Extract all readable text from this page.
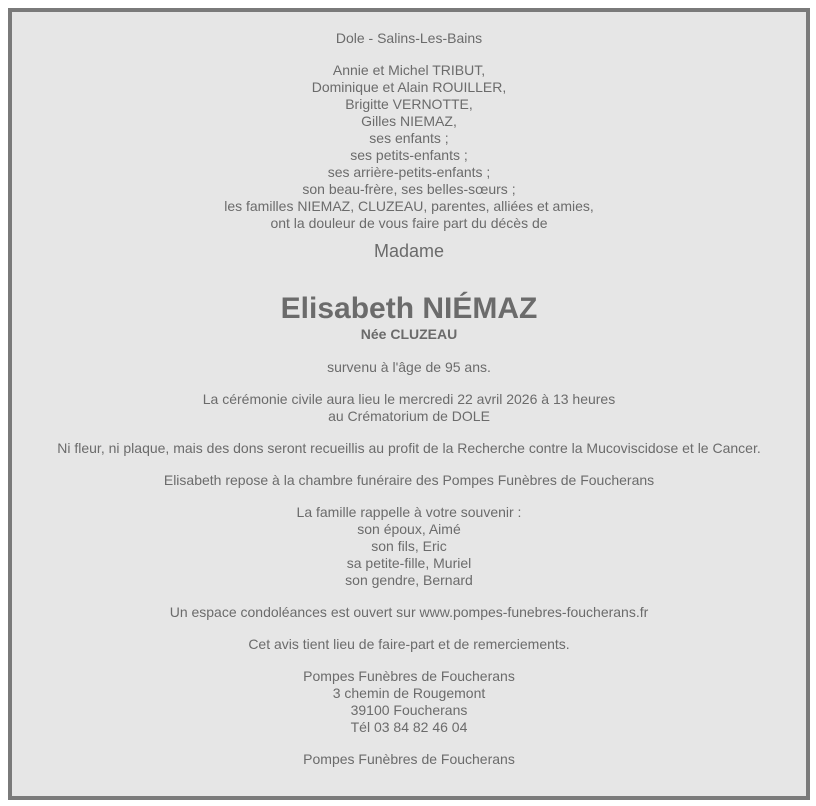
Dole - Salins-Les-Bains
Annie et Michel TRIBUT,
Dominique et Alain ROUILLER,
Brigitte VERNOTTE,
Gilles NIEMAZ,
ses enfants ;
ses petits-enfants ;
ses arrière-petits-enfants ;
son beau-frère, ses belles-sœurs ;
les familles NIEMAZ, CLUZEAU, parentes, alliées et amies,
ont la douleur de vous faire part du décès de
Madame
Elisabeth NIÉMAZ
Née CLUZEAU
survenu à l'âge de 95 ans.
La cérémonie civile aura lieu le mercredi 22 avril 2026 à 13 heures
au Crématorium de DOLE
Ni fleur, ni plaque, mais des dons seront recueillis au profit de la Recherche contre la Mucoviscidose et le Cancer.
Elisabeth repose à la chambre funéraire des Pompes Funèbres de Foucherans
La famille rappelle à votre souvenir :
son époux, Aimé
son fils, Eric
sa petite-fille, Muriel
son gendre, Bernard
Un espace condoléances est ouvert sur www.pompes-funebres-foucherans.fr
Cet avis tient lieu de faire-part et de remerciements.
Pompes Funèbres de Foucherans
3 chemin de Rougemont
39100 Foucherans
Tél 03 84 82 46 04
Pompes Funèbres de Foucherans
